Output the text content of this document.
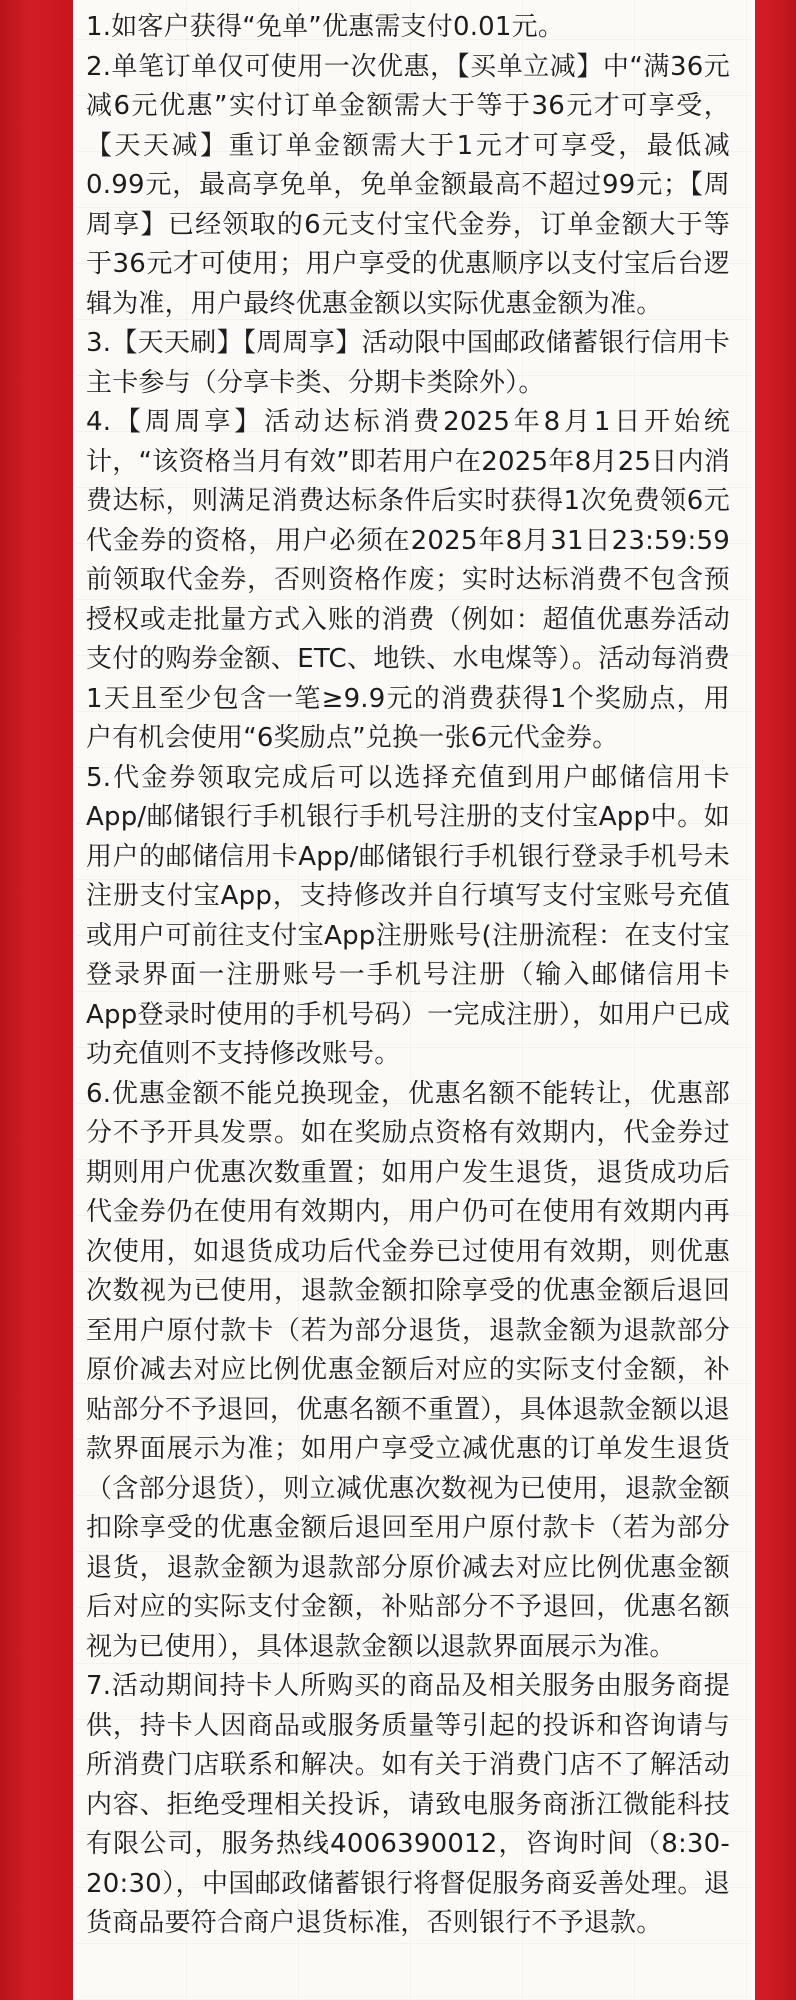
1.如客户获得“免单”优惠需支付0.01元。
2.单笔订单仅可使用一次优惠，【买单立减】中“满36元减6元优惠”实付订单金额需大于等于36元才可享受，【天天减】重订单金额需大于1元才可享受，最低减0.99元，最高享免单，免单金额最高不超过99元；【周周享】已经领取的6元支付宝代金券，订单金额大于等于36元才可使用；用户享受的优惠顺序以支付宝后台逻辑为准，用户最终优惠金额以实际优惠金额为准。
3.【天天刷】【周周享】活动限中国邮政储蓄银行信用卡主卡参与（分享卡类、分期卡类除外）。
4.【周周享】活动达标消费2025年8月1日开始统计，“该资格当月有效”即若用户在2025年8月25日内消费达标，则满足消费达标条件后实时获得1次免费领6元代金券的资格，用户必须在2025年8月31日23:59:59前领取代金券，否则资格作废；实时达标消费不包含预授权或走批量方式入账的消费（例如：超值优惠券活动支付的购券金额、ETC、地铁、水电煤等）。活动每消费1天且至少包含一笔≥9.9元的消费获得1个奖励点，用户有机会使用“6奖励点”兑换一张6元代金券。
5.代金券领取完成后可以选择充值到用户邮储信用卡App/邮储银行手机银行手机号注册的支付宝App中。如用户的邮储信用卡App/邮储银行手机银行登录手机号未注册支付宝App，支持修改并自行填写支付宝账号充值或用户可前往支付宝App注册账号(注册流程：在支付宝登录界面一注册账号一手机号注册（输入邮储信用卡App登录时使用的手机号码）一完成注册），如用户已成功充值则不支持修改账号。
6.优惠金额不能兑换现金，优惠名额不能转让，优惠部分不予开具发票。如在奖励点资格有效期内，代金券过期则用户优惠次数重置；如用户发生退货，退货成功后代金券仍在使用有效期内，用户仍可在使用有效期内再次使用，如退货成功后代金券已过使用有效期，则优惠次数视为已使用，退款金额扣除享受的优惠金额后退回至用户原付款卡（若为部分退货，退款金额为退款部分原价减去对应比例优惠金额后对应的实际支付金额，补贴部分不予退回，优惠名额不重置），具体退款金额以退款界面展示为准；如用户享受立减优惠的订单发生退货（含部分退货），则立减优惠次数视为已使用，退款金额扣除享受的优惠金额后退回至用户原付款卡（若为部分退货，退款金额为退款部分原价减去对应比例优惠金额后对应的实际支付金额，补贴部分不予退回，优惠名额视为已使用），具体退款金额以退款界面展示为准。
7.活动期间持卡人所购买的商品及相关服务由服务商提供，持卡人因商品或服务质量等引起的投诉和咨询请与所消费门店联系和解决。如有关于消费门店不了解活动内容、拒绝受理相关投诉，请致电服务商浙江微能科技有限公司，服务热线4006390012，咨询时间（8:30-20:30），中国邮政储蓄银行将督促服务商妥善处理。退货商品要符合商户退货标准，否则银行不予退款。
